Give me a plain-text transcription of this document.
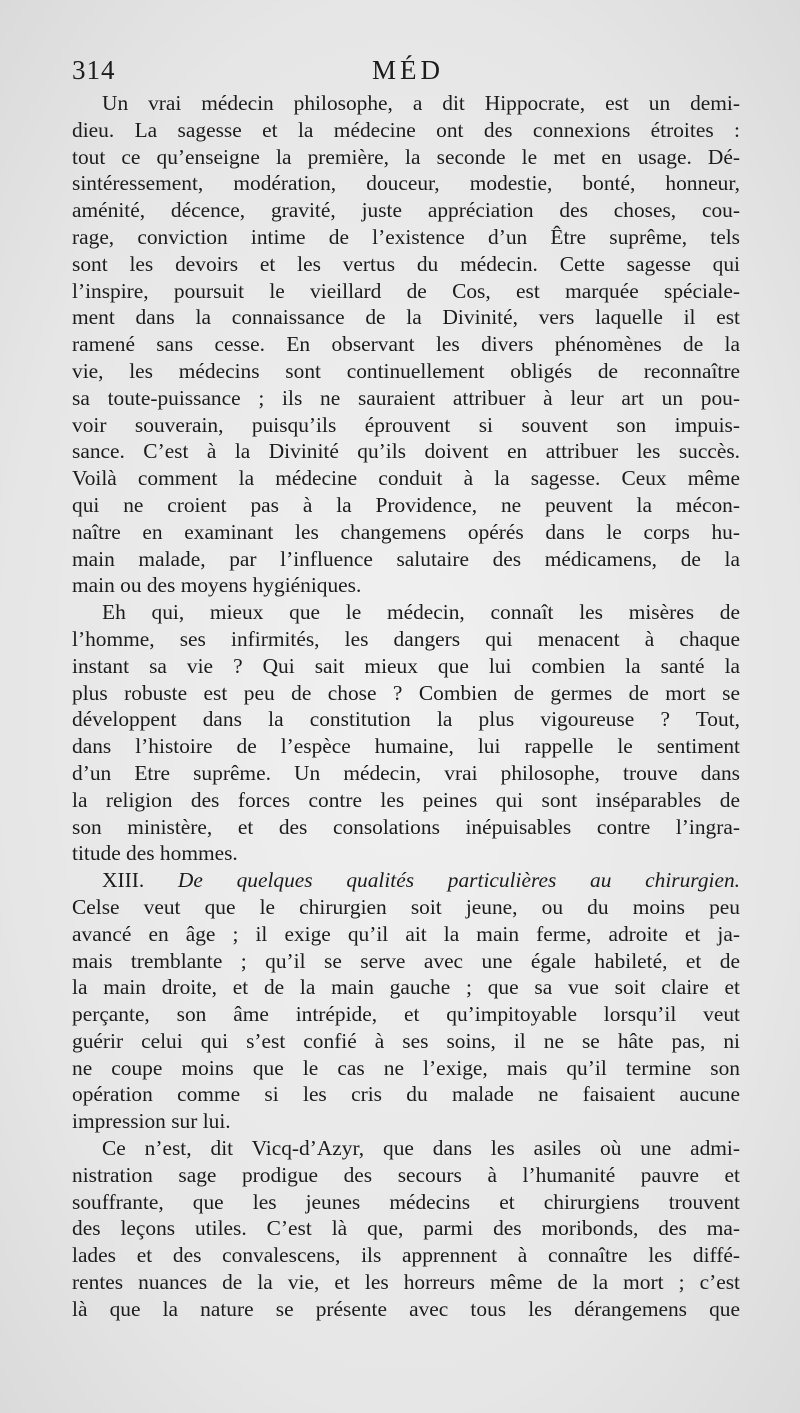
314	MÉD
Un vrai médecin philosophe, a dit Hippocrate, est un demi-
dieu. La sagesse et la médecine ont des connexions étroites :
tout ce qu’enseigne la première, la seconde le met en usage. Dé-
sintéressement, modération, douceur, modestie, bonté, honneur,
aménité, décence, gravité, juste appréciation des choses, cou-
rage, conviction intime de l’existence d’un Être suprême, tels
sont les devoirs et les vertus du médecin. Cette sagesse qui
l’inspire, poursuit le vieillard de Cos, est marquée spéciale-
ment dans la connaissance de la Divinité, vers laquelle il est
ramené sans cesse. En observant les divers phénomènes de la
vie, les médecins sont continuellement obligés de reconnaître
sa toute-puissance ; ils ne sauraient attribuer à leur art un pou-
voir souverain, puisqu’ils éprouvent si souvent son impuis-
sance. C’est à la Divinité qu’ils doivent en attribuer les succès.
Voilà comment la médecine conduit à la sagesse. Ceux même
qui ne croient pas à la Providence, ne peuvent la mécon-
naître en examinant les changemens opérés dans le corps hu-
main malade, par l’influence salutaire des médicamens, de la
main ou des moyens hygiéniques.
Eh qui, mieux que le médecin, connaît les misères de
l’homme, ses infirmités, les dangers qui menacent à chaque
instant sa vie ? Qui sait mieux que lui combien la santé la
plus robuste est peu de chose ? Combien de germes de mort se
développent dans la constitution la plus vigoureuse ? Tout,
dans l’histoire de l’espèce humaine, lui rappelle le sentiment
d’un Etre suprême. Un médecin, vrai philosophe, trouve dans
la religion des forces contre les peines qui sont inséparables de
son ministère, et des consolations inépuisables contre l’ingra-
titude des hommes.
XIII. De quelques qualités particulières au chirurgien.
Celse veut que le chirurgien soit jeune, ou du moins peu
avancé en âge ; il exige qu’il ait la main ferme, adroite et ja-
mais tremblante ; qu’il se serve avec une égale habileté, et de
la main droite, et de la main gauche ; que sa vue soit claire et
perçante, son âme intrépide, et qu’impitoyable lorsqu’il veut
guérir celui qui s’est confié à ses soins, il ne se hâte pas, ni
ne coupe moins que le cas ne l’exige, mais qu’il termine son
opération comme si les cris du malade ne faisaient aucune
impression sur lui.
Ce n’est, dit Vicq-d’Azyr, que dans les asiles où une admi-
nistration sage prodigue des secours à l’humanité pauvre et
souffrante, que les jeunes médecins et chirurgiens trouvent
des leçons utiles. C’est là que, parmi des moribonds, des ma-
lades et des convalescens, ils apprennent à connaître les diffé-
rentes nuances de la vie, et les horreurs même de la mort ; c’est
là que la nature se présente avec tous les dérangemens que
